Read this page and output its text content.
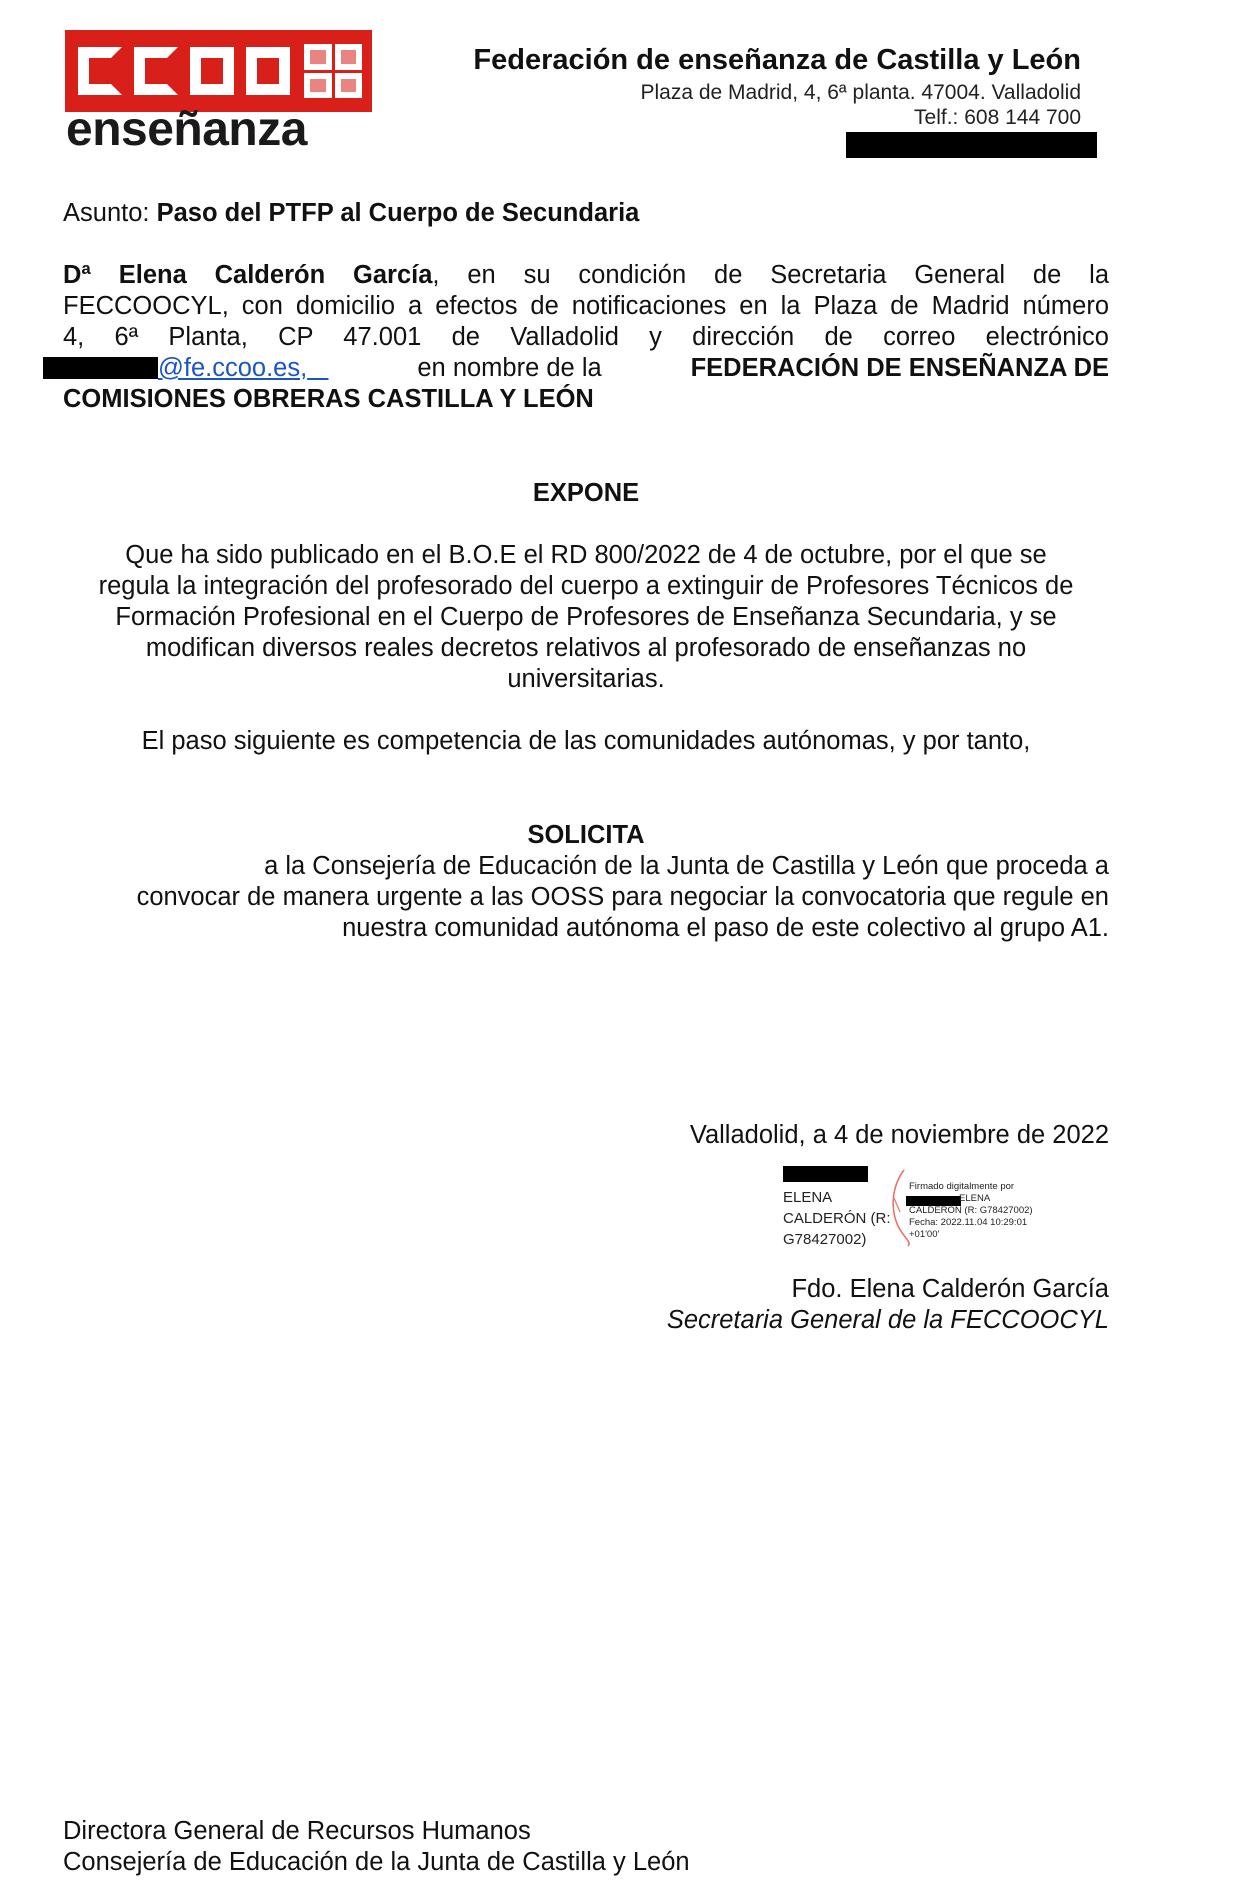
enseñanza
Federación de enseñanza de Castilla y León
Plaza de Madrid, 4, 6ª planta. 47004. Valladolid
Telf.: 608 144 700
Asunto: Paso del PTFP al Cuerpo de Secundaria
Dª Elena Calderón García, en su condición de Secretaria General de la
FECCOOCYL, con domicilio a efectos de notificaciones en la Plaza de Madrid número
4, 6ª Planta, CP 47.001 de Valladolid y dirección de correo electrónico
@fe.ccoo.es,	en nombre de la	FEDERACIÓN DE ENSEÑANZA DE
COMISIONES OBRERAS CASTILLA Y LEÓN
EXPONE
Que ha sido publicado en el B.O.E el RD 800/2022 de 4 de octubre, por el que se
regula la integración del profesorado del cuerpo a extinguir de Profesores Técnicos de
Formación Profesional en el Cuerpo de Profesores de Enseñanza Secundaria, y se
modifican diversos reales decretos relativos al profesorado de enseñanzas no
universitarias.
El paso siguiente es competencia de las comunidades autónomas, y por tanto,
SOLICITA
a la Consejería de Educación de la Junta de Castilla y León que proceda a
convocar de manera urgente a las OOSS para negociar la convocatoria que regule en
nuestra comunidad autónoma el paso de este colectivo al grupo A1.
Valladolid, a 4 de noviembre de 2022
ELENA
CALDERÓN (R:
G78427002)
Firmado digitalmente por
ELENA
CALDERÓN (R: G78427002)
Fecha: 2022.11.04 10:29:01
+01'00'
Fdo. Elena Calderón García
Secretaria General de la FECCOOCYL
Directora General de Recursos Humanos
Consejería de Educación de la Junta de Castilla y León
